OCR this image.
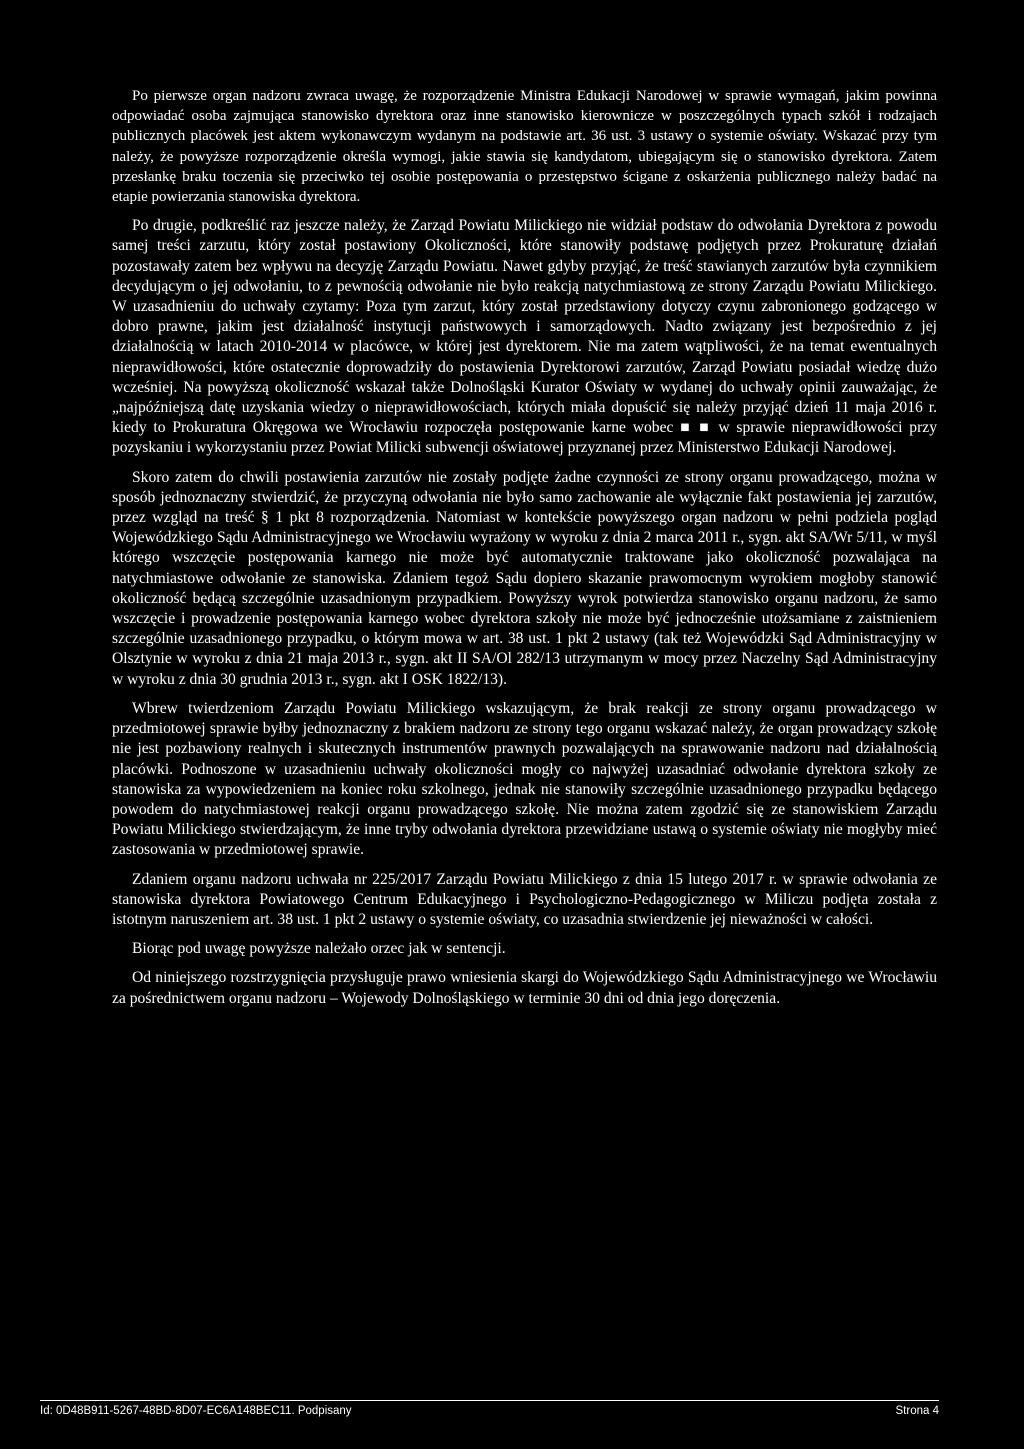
Po pierwsze organ nadzoru zwraca uwagę, że rozporządzenie Ministra Edukacji Narodowej w sprawie wymagań, jakim powinna odpowiadać osoba zajmująca stanowisko dyrektora oraz inne stanowisko kierownicze w poszczególnych typach szkół i rodzajach publicznych placówek jest aktem wykonawczym wydanym na podstawie art. 36 ust. 3 ustawy o systemie oświaty. Wskazać przy tym należy, że powyższe rozporządzenie określa wymogi, jakie stawia się kandydatom, ubiegającym się o stanowisko dyrektora. Zatem przesłankę braku toczenia się przeciwko tej osobie postępowania o przestępstwo ścigane z oskarżenia publicznego należy badać na etapie powierzania stanowiska dyrektora.

Po drugie, podkreślić raz jeszcze należy, że Zarząd Powiatu Milickiego nie widział podstaw do odwołania Dyrektora z powodu samej treści zarzutu, który został postawiony Okoliczności, które stanowiły podstawę podjętych przez Prokuraturę działań pozostawały zatem bez wpływu na decyzję Zarządu Powiatu. Nawet gdyby przyjąć, że treść stawianych zarzutów była czynnikiem decydującym o jej odwołaniu, to z pewnością odwołanie nie było reakcją natychmiastową ze strony Zarządu Powiatu Milickiego. W uzasadnieniu do uchwały czytamy: Poza tym zarzut, który został przedstawiony dotyczy czynu zabronionego godzącego w dobro prawne, jakim jest działalność instytucji państwowych i samorządowych. Nadto związany jest bezpośrednio z jej działalnością w latach 2010-2014 w placówce, w której jest dyrektorem. Nie ma zatem wątpliwości, że na temat ewentualnych nieprawidłowości, które ostatecznie doprowadziły do postawienia Dyrektorowi zarzutów, Zarząd Powiatu posiadał wiedzę dużo wcześniej. Na powyższą okoliczność wskazał także Dolnośląski Kurator Oświaty w wydanej do uchwały opinii zauważając, że „najpóźniejszą datę uzyskania wiedzy o nieprawidłowościach, których miała dopuścić się należy przyjąć dzień 11 maja 2016 r. kiedy to Prokuratura Okręgowa we Wrocławiu rozpoczęła postępowanie karne wobec ■ ■ w sprawie nieprawidłowości przy pozyskaniu i wykorzystaniu przez Powiat Milicki subwencji oświatowej przyznanej przez Ministerstwo Edukacji Narodowej.

Skoro zatem do chwili postawienia zarzutów nie zostały podjęte żadne czynności ze strony organu prowadzącego, można w sposób jednoznaczny stwierdzić, że przyczyną odwołania nie było samo zachowanie ale wyłącznie fakt postawienia jej zarzutów, przez wzgląd na treść § 1 pkt 8 rozporządzenia. Natomiast w kontekście powyższego organ nadzoru w pełni podziela pogląd Wojewódzkiego Sądu Administracyjnego we Wrocławiu wyrażony w wyroku z dnia 2 marca 2011 r., sygn. akt SA/Wr 5/11, w myśl którego wszczęcie postępowania karnego nie może być automatycznie traktowane jako okoliczność pozwalająca na natychmiastowe odwołanie ze stanowiska. Zdaniem tegoż Sądu dopiero skazanie prawomocnym wyrokiem mogłoby stanowić okoliczność będącą szczególnie uzasadnionym przypadkiem. Powyższy wyrok potwierdza stanowisko organu nadzoru, że samo wszczęcie i prowadzenie postępowania karnego wobec dyrektora szkoły nie może być jednocześnie utożsamiane z zaistnieniem szczególnie uzasadnionego przypadku, o którym mowa w art. 38 ust. 1 pkt 2 ustawy (tak też Wojewódzki Sąd Administracyjny w Olsztynie w wyroku z dnia 21 maja 2013 r., sygn. akt II SA/Ol 282/13 utrzymanym w mocy przez Naczelny Sąd Administracyjny w wyroku z dnia 30 grudnia 2013 r., sygn. akt I OSK 1822/13).

Wbrew twierdzeniom Zarządu Powiatu Milickiego wskazującym, że brak reakcji ze strony organu prowadzącego w przedmiotowej sprawie byłby jednoznaczny z brakiem nadzoru ze strony tego organu wskazać należy, że organ prowadzący szkołę nie jest pozbawiony realnych i skutecznych instrumentów prawnych pozwalających na sprawowanie nadzoru nad działalnością placówki. Podnoszone w uzasadnieniu uchwały okoliczności mogły co najwyżej uzasadniać odwołanie dyrektora szkoły ze stanowiska za wypowiedzeniem na koniec roku szkolnego, jednak nie stanowiły szczególnie uzasadnionego przypadku będącego powodem do natychmiastowej reakcji organu prowadzącego szkołę. Nie można zatem zgodzić się ze stanowiskiem Zarządu Powiatu Milickiego stwierdzającym, że inne tryby odwołania dyrektora przewidziane ustawą o systemie oświaty nie mogłyby mieć zastosowania w przedmiotowej sprawie.

Zdaniem organu nadzoru uchwała nr 225/2017 Zarządu Powiatu Milickiego z dnia 15 lutego 2017 r. w sprawie odwołania ze stanowiska dyrektora Powiatowego Centrum Edukacyjnego i Psychologiczno-Pedagogicznego w Miliczu podjęta została z istotnym naruszeniem art. 38 ust. 1 pkt 2 ustawy o systemie oświaty, co uzasadnia stwierdzenie jej nieważności w całości.

Biorąc pod uwagę powyższe należało orzec jak w sentencji.

Od niniejszego rozstrzygnięcia przysługuje prawo wniesienia skargi do Wojewódzkiego Sądu Administracyjnego we Wrocławiu za pośrednictwem organu nadzoru – Wojewody Dolnośląskiego w terminie 30 dni od dnia jego doręczenia.

Id: 0D48B911-5267-48BD-8D07-EC6A148BEC11. Podpisany	Strona 4
